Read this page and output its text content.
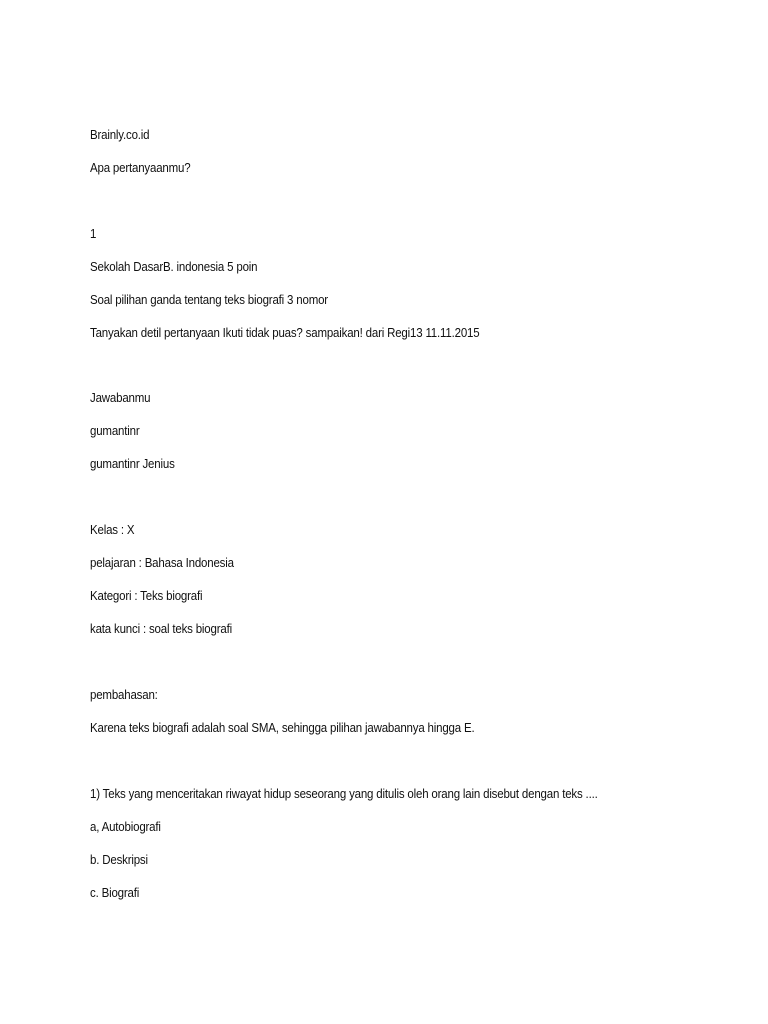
Brainly.co.id
Apa pertanyaanmu?
1
Sekolah DasarB. indonesia 5 poin
Soal pilihan ganda tentang teks biografi 3 nomor
Tanyakan detil pertanyaan Ikuti tidak puas? sampaikan! dari Regi13 11.11.2015
Jawabanmu
gumantinr
gumantinr Jenius
Kelas : X
pelajaran : Bahasa Indonesia
Kategori : Teks biografi
kata kunci : soal teks biografi
pembahasan:
Karena teks biografi adalah soal SMA, sehingga pilihan jawabannya hingga E.
1) Teks yang menceritakan riwayat hidup seseorang yang ditulis oleh orang lain disebut dengan teks ....
a, Autobiografi
b. Deskripsi
c. Biografi
